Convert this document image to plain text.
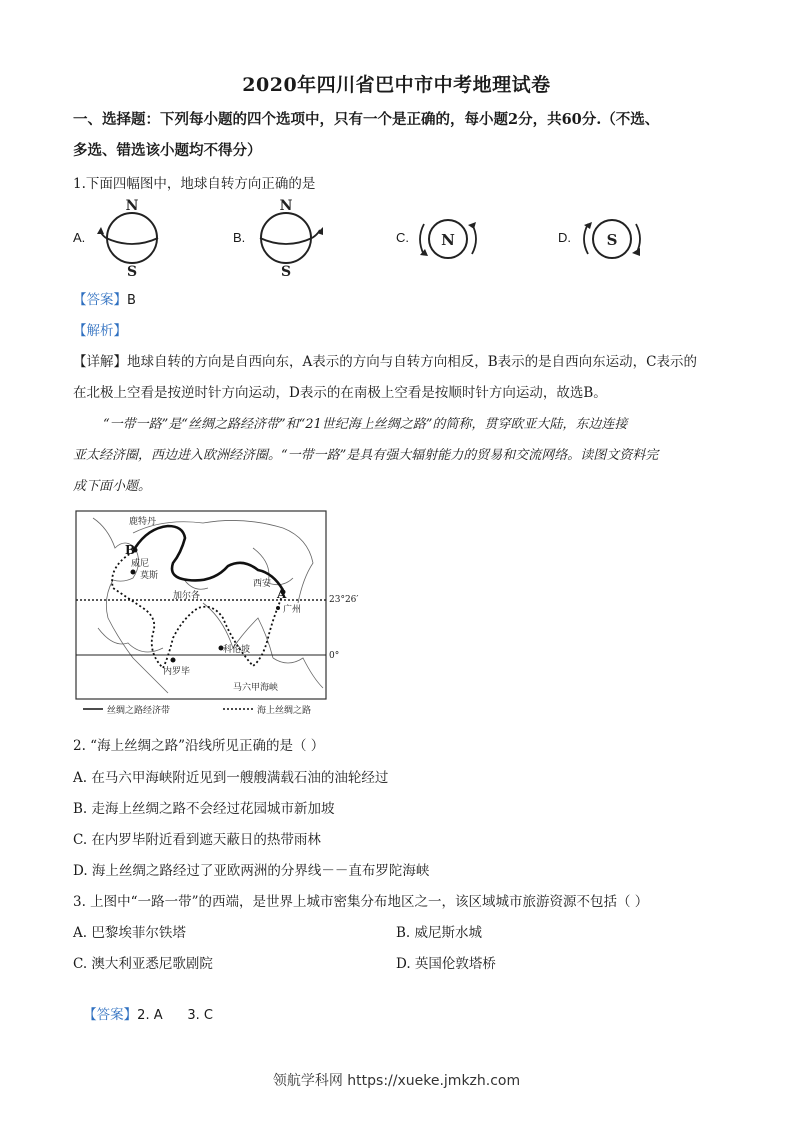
2020年四川省巴中市中考地理试卷
一、选择题：下列每小题的四个选项中，只有一个是正确的，每小题2分，共60分.（不选、
多选、错选该小题均不得分）
1.下面四幅图中，地球自转方向正确的是
A.
N
S
B.
N
S
C. N	D. S
【答案】B
【解析】
【详解】地球自转的方向是自西向东，A表示的方向与自转方向相反，B表示的是自西向东运动，C表示的
在北极上空看是按逆时针方向运动，D表示的在南极上空看是按顺时针方向运动，故选B。
“一带一路”是“丝绸之路经济带”和“21世纪海上丝绸之路”的简称，贯穿欧亚大陆，东边连接
亚太经济圈，西边进入欧洲经济圈。“一带一路”是具有强大辐射能力的贸易和交流网络。读图文资料完
成下面小题。
23°26′
0°
鹿特丹
B
威尼
莫斯
西安
A
加尔各
广州
科伦坡
内罗毕
马六甲海峡
丝绸之路经济带	海上丝绸之路
2. “海上丝绸之路”沿线所见正确的是（ ）
A. 在马六甲海峡附近见到一艘艘满载石油的油轮经过
B. 走海上丝绸之路不会经过花园城市新加坡
C. 在内罗毕附近看到遮天蔽日的热带雨林
D. 海上丝绸之路经过了亚欧两洲的分界线－－直布罗陀海峡
3. 上图中“一路一带”的西端，是世界上城市密集分布地区之一，该区域城市旅游资源不包括（ ）
A. 巴黎埃菲尔铁塔	B. 威尼斯水城
C. 澳大利亚悉尼歌剧院	D. 英国伦敦塔桥

【答案】2. A      3. C

领航学科网 https://xueke.jmkzh.com
